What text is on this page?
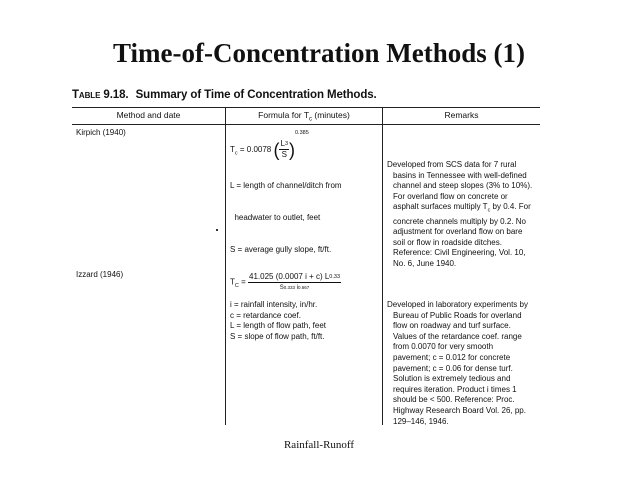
Time-of-Concentration Methods (1)
Table 9.18. Summary of Time of Concentration Methods.
Method and date	Formula for $T_c$ (minutes)	Remarks
Kirpich (1940)
$T_c = 0.0078$ ( $\frac{L^3}{S} )^{0.385}$

L = length of channel/ditch from

headwater to outlet, feet

S = average gully slope, ft/ft.

Developed from SCS data for 7 rural

basins in Tennessee with well-defined

channel and steep slopes (3% to 10%).

For overland flow on concrete or

asphalt surfaces multiply $T_c$ by 0.4. For

concrete channels multiply by 0.2. No

adjustment for overland flow on bare

soil or flow in roadside ditches.

Reference: Civil Engineering, Vol. 10,

No. 6, June 1940.

Izzard (1946)
$T_C = \frac{41.025 (0.0007 i + c) L^{0.33}}{S^{0.333} i^{0.667}}$

i = rainfall intensity, in/hr.

c = retardance coef.

L = length of flow path, feet

S = slope of flow path, ft/ft.

Developed in laboratory experiments by

Bureau of Public Roads for overland

flow on roadway and turf surface.

Values of the retardance coef. range

from 0.0070 for very smooth

pavement; c = 0.012 for concrete

pavement; c = 0.06 for dense turf.

Solution is extremely tedious and

requires iteration. Product i times 1

should be < 500. Reference: Proc.

Highway Research Board Vol. 26, pp.

129–146, 1946.

Rainfall-Runoff
